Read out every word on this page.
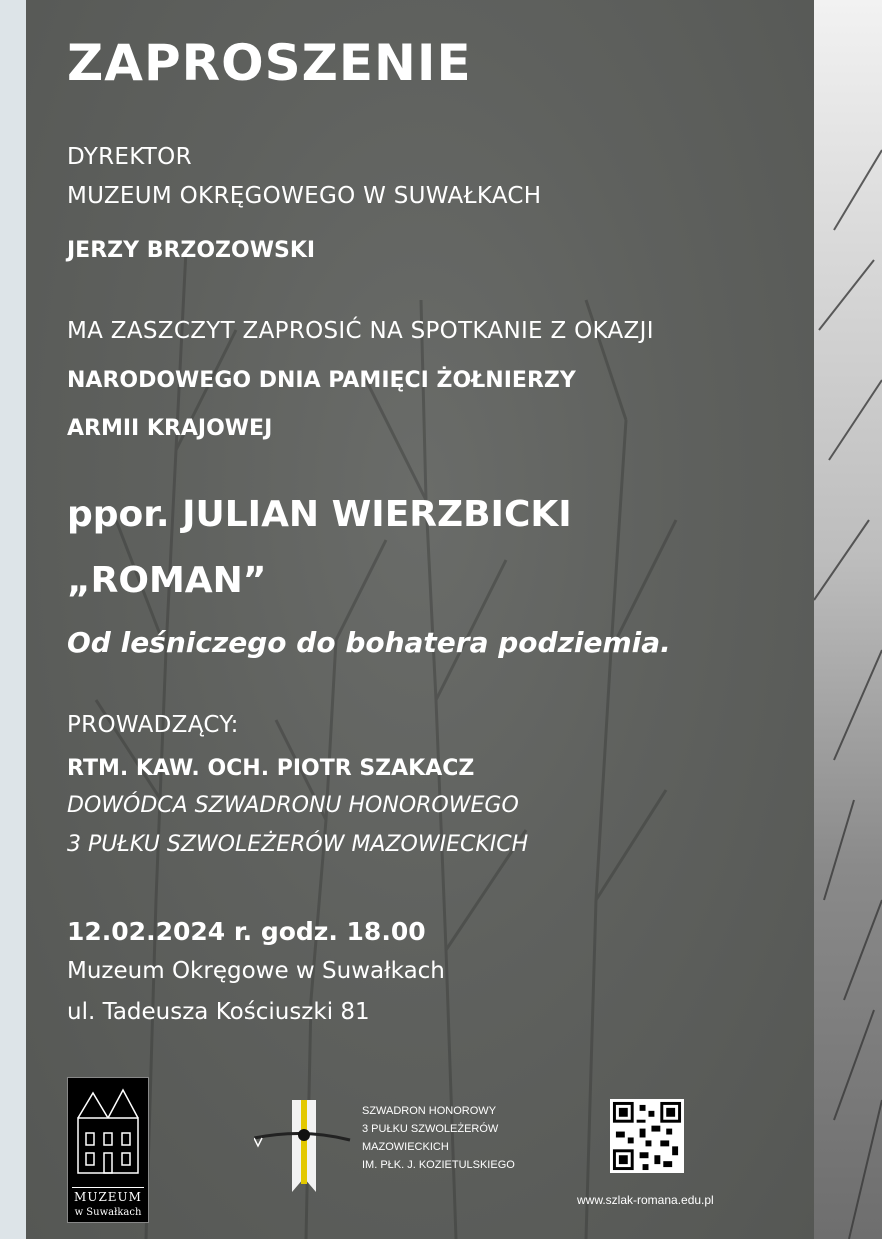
ZAPROSZENIE
DYREKTOR
MUZEUM OKRĘGOWEGO W SUWAŁKACH
JERZY BRZOZOWSKI
MA ZASZCZYT ZAPROSIĆ NA SPOTKANIE Z OKAZJI
NARODOWEGO DNIA PAMIĘCI ŻOŁNIERZY
ARMII KRAJOWEJ
ppor. JULIAN WIERZBICKI
„ROMAN”
Od leśniczego do bohatera podziemia.
PROWADZĄCY:
RTM. KAW. OCH. PIOTR SZAKACZ
DOWÓDCA SZWADRONU HONOROWEGO
3 PUŁKU SZWOLEŻERÓW MAZOWIECKICH
12.02.2024 r. godz. 18.00
Muzeum Okręgowe w Suwałkach
ul. Tadeusza Kościuszki 81
MUZEUM
w Suwałkach
SZWADRON HONOROWY
3 PUŁKU SZWOLEŻERÓW
MAZOWIECKICH
IM. PŁK. J. KOZIETULSKIEGO
www.szlak-romana.edu.pl
